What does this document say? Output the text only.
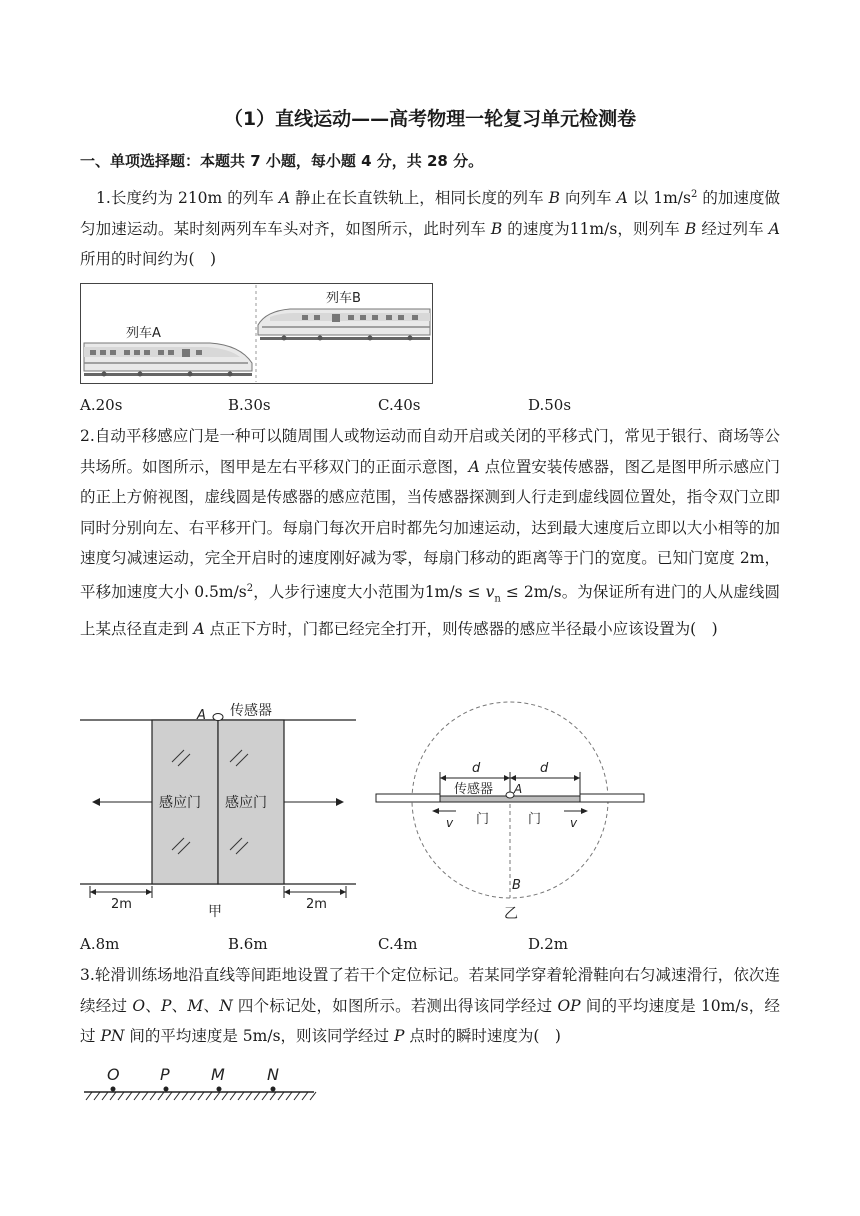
（1）直线运动——高考物理一轮复习单元检测卷
一、单项选择题：本题共 7 小题，每小题 4 分，共 28 分。
1.长度约为 210m 的列车 A 静止在长直铁轨上，相同长度的列车 B 向列车 A 以 $1m/s^2$ 的加速度做匀加速运动。某时刻两列车车头对齐，如图所示，此时列车 B 的速度为11m/s，则列车 B 经过列车 A 所用的时间约为(　)
列车A
列车B
A.20s	B.30s	C.40s	D.50s
2.自动平移感应门是一种可以随周围人或物运动而自动开启或关闭的平移式门，常见于银行、商场等公共场所。如图所示，图甲是左右平移双门的正面示意图，A 点位置安装传感器，图乙是图甲所示感应门的正上方俯视图，虚线圆是传感器的感应范围，当传感器探测到人行走到虚线圆位置处，指令双门立即同时分别向左、右平移开门。每扇门每次开启时都先匀加速运动，达到最大速度后立即以大小相等的加速度匀减速运动，完全开启时的速度刚好减为零，每扇门移动的距离等于门的宽度。已知门宽度 2m，平移加速度大小 $0.5m/s^2$，人步行速度大小范围为$1m/s \le v_n \le 2m/s$。为保证所有进门的人从虚线圆上某点径直走到 A 点正下方时，门都已经完全打开，则传感器的感应半径最小应该设置为(　)
A 传感器
感应门 感应门
2m	2m
甲
d	d
传感器 A
v 门	门 v
B
乙
A.8m	B.6m	C.4m	D.2m
3.轮滑训练场地沿直线等间距地设置了若干个定位标记。若某同学穿着轮滑鞋向右匀减速滑行，依次连续经过 O、P、M、N 四个标记处，如图所示。若测出得该同学经过 OP 间的平均速度是 10m/s，经过 PN 间的平均速度是 5m/s，则该同学经过 P 点时的瞬时速度为(　)
O	P	M	N
